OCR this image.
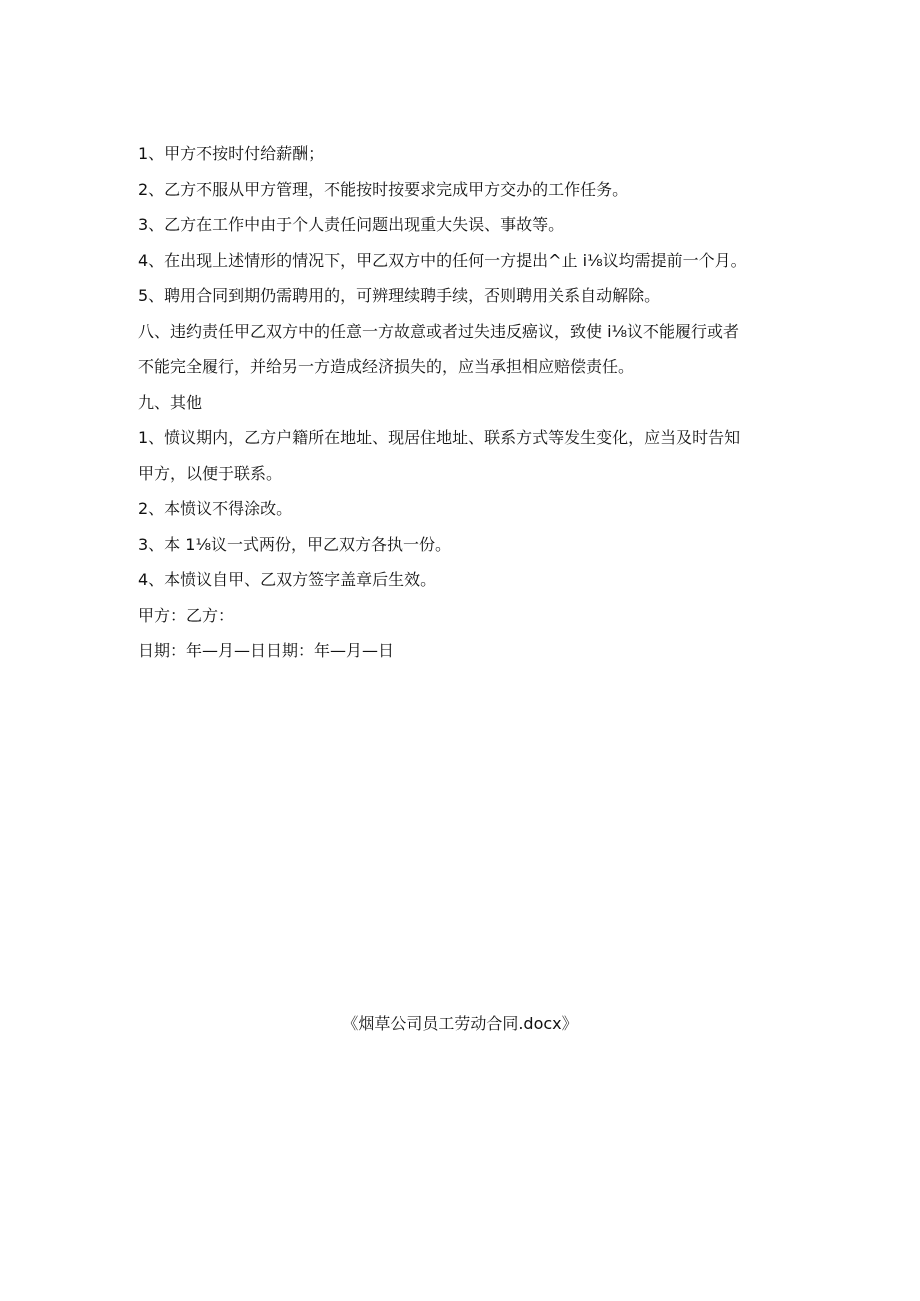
1、甲方不按时付给薪酬；
2、乙方不服从甲方管理，不能按时按要求完成甲方交办的工作任务。
3、乙方在工作中由于个人责任问题出现重大失误、事故等。
4、在出现上述情形的情况下，甲乙双方中的任何一方提出^止 i⅛议均需提前一个月。
5、聘用合同到期仍需聘用的，可辨理续聘手续，否则聘用关系自动解除。
八、违约责任甲乙双方中的任意一方故意或者过失违反癌议，致使 i⅛议不能履行或者
不能完全履行，并给另一方造成经济损失的，应当承担相应赔偿责任。
九、其他
1、愤议期内，乙方户籍所在地址、现居住地址、联系方式等发生变化，应当及时告知
甲方，以便于联系。
2、本愤议不得涂改。
3、本 1⅛议一式两份，甲乙双方各执一份。
4、本愤议自甲、乙双方签字盖章后生效。
甲方：乙方：
日期：年—月—日日期：年—月—日
《烟草公司员工劳动合同.docx》
